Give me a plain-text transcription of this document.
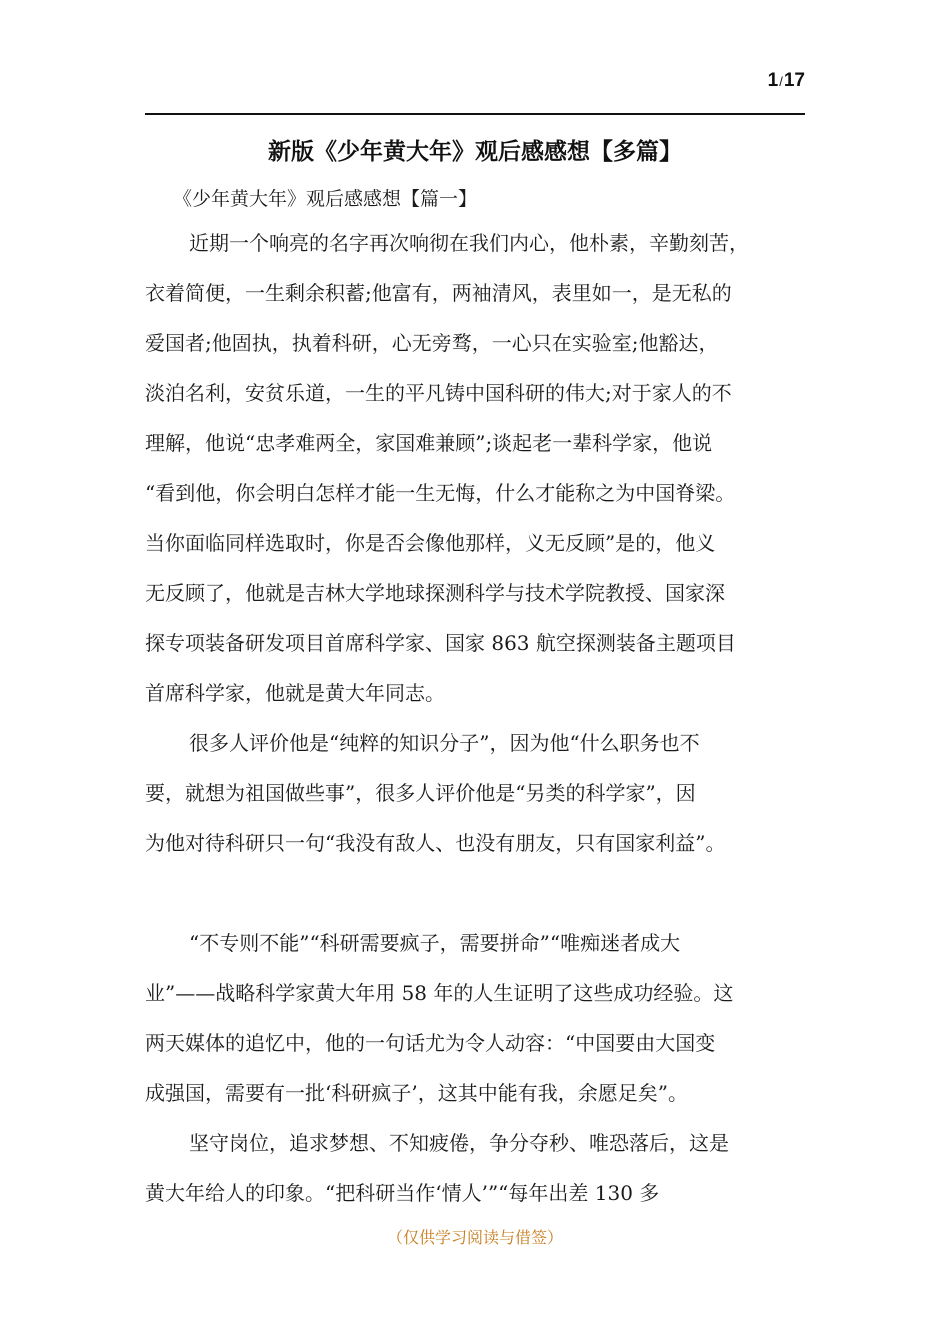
1/17
新版《少年黄大年》观后感感想【多篇】
《少年黄大年》观后感感想【篇一】
近期一个响亮的名字再次响彻在我们内心，他朴素，辛勤刻苦，
衣着简便，一生剩余积蓄;他富有，两袖清风，表里如一，是无私的
爱国者;他固执，执着科研，心无旁骛，一心只在实验室;他豁达，
淡泊名利，安贫乐道，一生的平凡铸中国科研的伟大;对于家人的不
理解，他说“忠孝难两全，家国难兼顾”;谈起老一辈科学家，他说
“看到他，你会明白怎样才能一生无悔，什么才能称之为中国脊梁。
当你面临同样选取时，你是否会像他那样，义无反顾”是的，他义
无反顾了，他就是吉林大学地球探测科学与技术学院教授、国家深
探专项装备研发项目首席科学家、国家 863 航空探测装备主题项目
首席科学家，他就是黄大年同志。
很多人评价他是“纯粹的知识分子”，因为他“什么职务也不
要，就想为祖国做些事”，很多人评价他是“另类的科学家”，因
为他对待科研只一句“我没有敌人、也没有朋友，只有国家利益”。
“不专则不能”“科研需要疯子，需要拼命”“唯痴迷者成大
业”——战略科学家黄大年用 58 年的人生证明了这些成功经验。这
两天媒体的追忆中，他的一句话尤为令人动容：“中国要由大国变
成强国，需要有一批‘科研疯子’，这其中能有我，余愿足矣”。
坚守岗位，追求梦想、不知疲倦，争分夺秒、唯恐落后，这是
黄大年给人的印象。“把科研当作‘情人’”“每年出差 130 多
（仅供学习阅读与借签）
